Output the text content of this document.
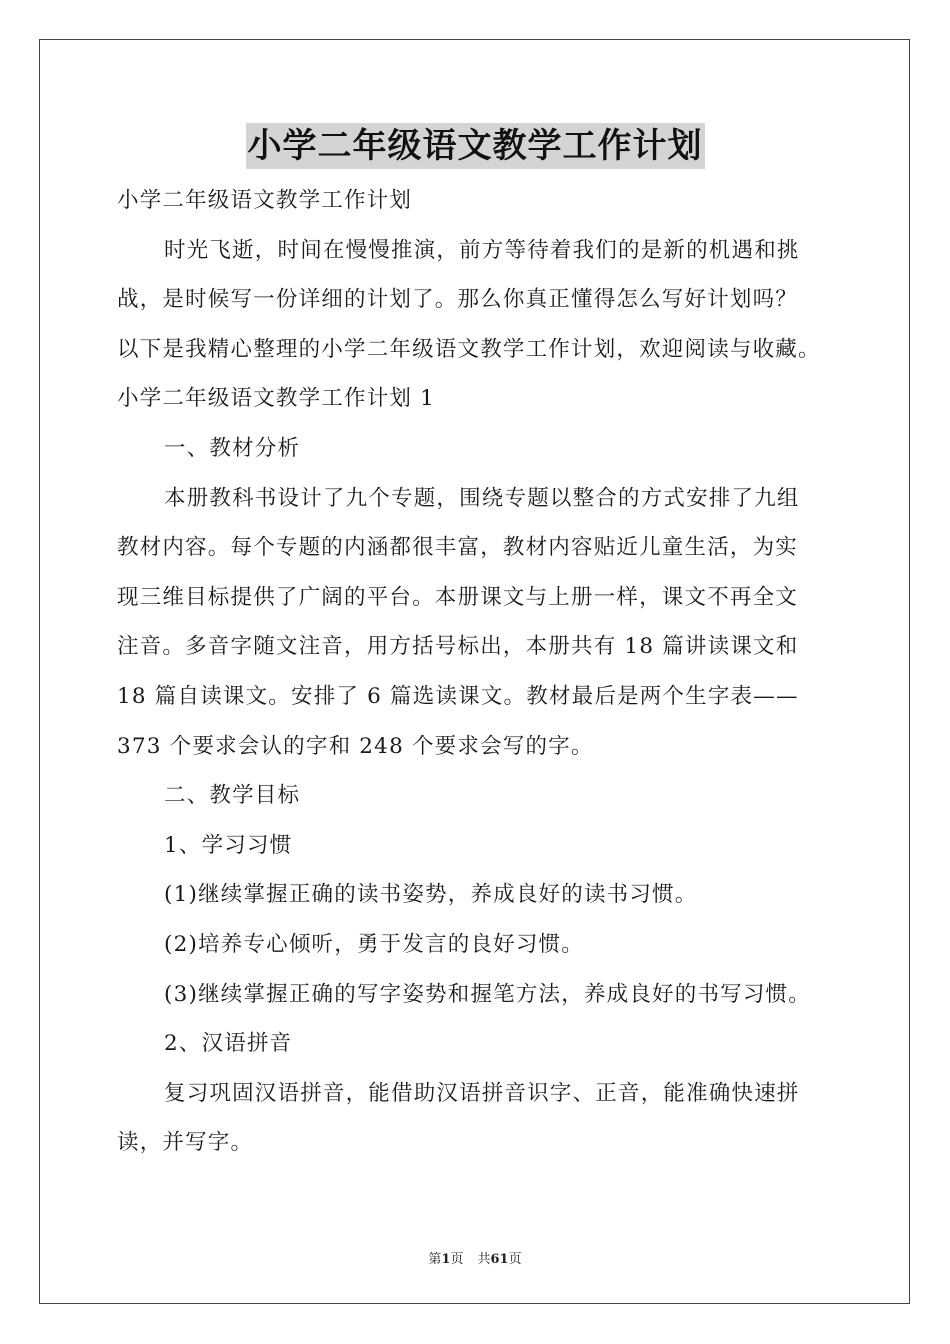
小学二年级语文教学工作计划
小学二年级语文教学工作计划
时光飞逝，时间在慢慢推演，前方等待着我们的是新的机遇和挑
战，是时候写一份详细的计划了。那么你真正懂得怎么写好计划吗？
以下是我精心整理的小学二年级语文教学工作计划，欢迎阅读与收藏。
小学二年级语文教学工作计划 1
一、教材分析
本册教科书设计了九个专题，围绕专题以整合的方式安排了九组
教材内容。每个专题的内涵都很丰富，教材内容贴近儿童生活，为实
现三维目标提供了广阔的平台。本册课文与上册一样，课文不再全文
注音。多音字随文注音，用方括号标出，本册共有 18 篇讲读课文和
18 篇自读课文。安排了 6 篇选读课文。教材最后是两个生字表——
373 个要求会认的字和 248 个要求会写的字。
二、教学目标
1、学习习惯
(1)继续掌握正确的读书姿势，养成良好的读书习惯。
(2)培养专心倾听，勇于发言的良好习惯。
(3)继续掌握正确的写字姿势和握笔方法，养成良好的书写习惯。
2、汉语拼音
复习巩固汉语拼音，能借助汉语拼音识字、正音，能准确快速拼
读，并写字。
第1页 共61页
